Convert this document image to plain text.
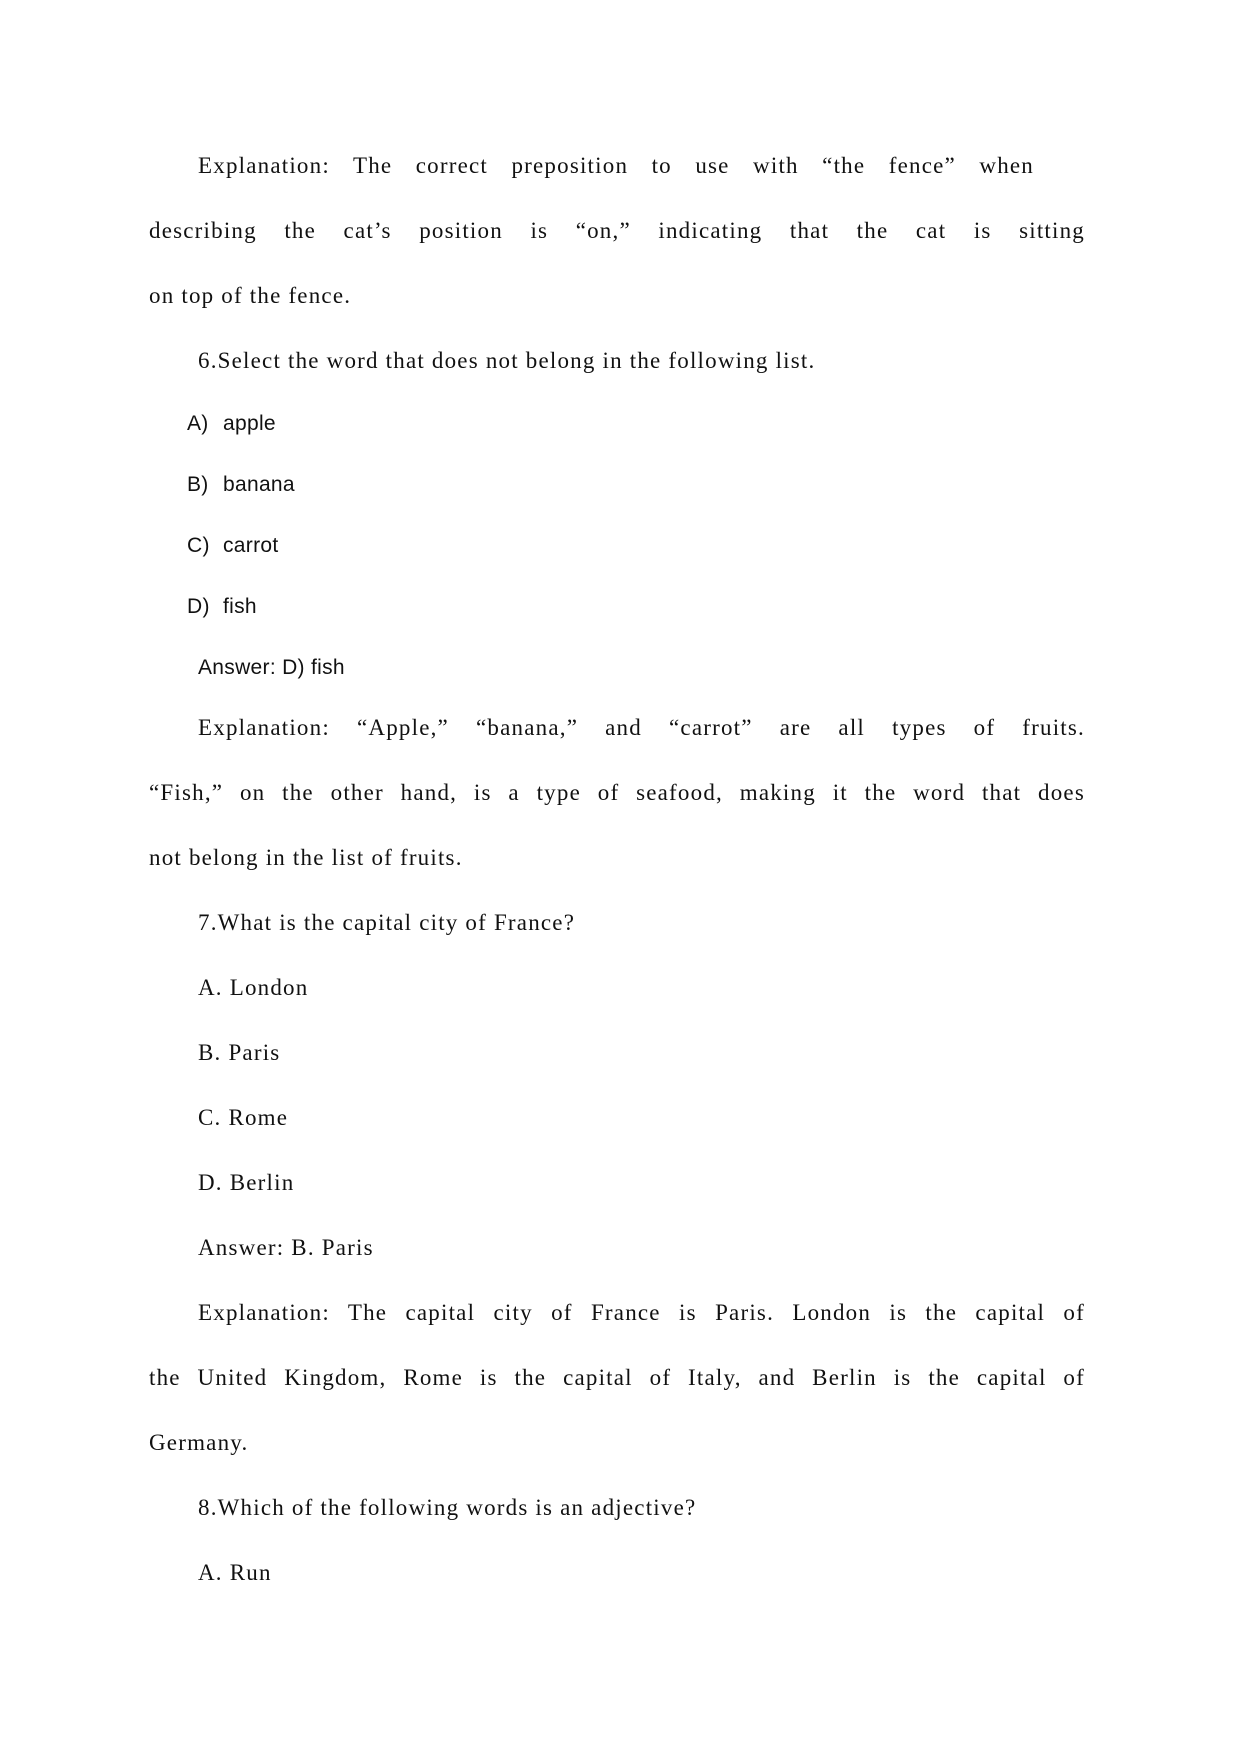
Explanation: The correct preposition to use with “the fence” when
describing the cat’s position is “on,” indicating that the cat is sitting
on top of the fence.
6.Select the word that does not belong in the following list.
A) apple
B) banana
C) carrot
D) fish
Answer: D) fish
Explanation: “Apple,” “banana,” and “carrot” are all types of fruits.
“Fish,” on the other hand, is a type of seafood, making it the word that does
not belong in the list of fruits.
7.What is the capital city of France?
A. London
B. Paris
C. Rome
D. Berlin
Answer: B. Paris
Explanation: The capital city of France is Paris. London is the capital of
the United Kingdom, Rome is the capital of Italy, and Berlin is the capital of
Germany.
8.Which of the following words is an adjective?
A. Run
